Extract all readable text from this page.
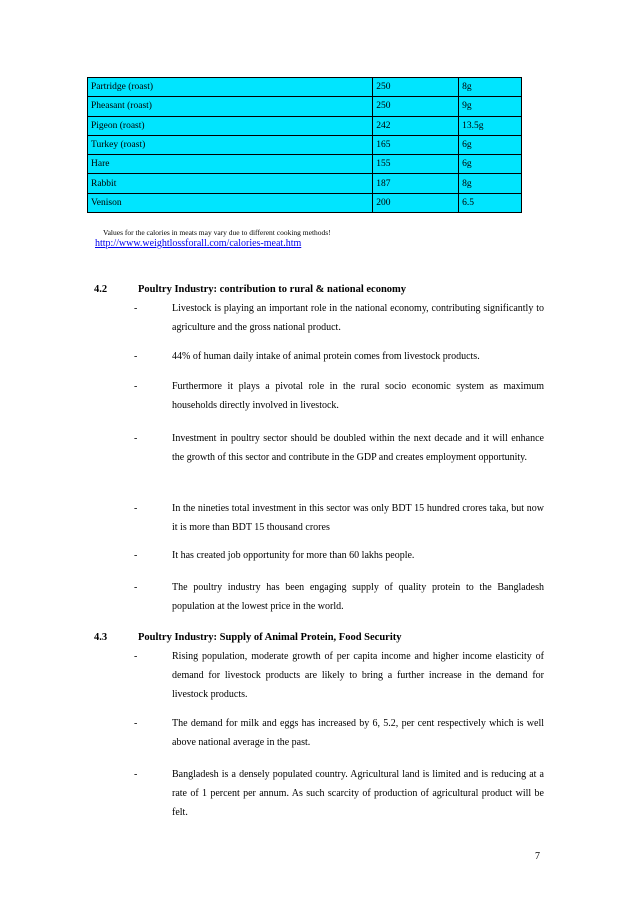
Partridge (roast)	250	8g
Pheasant (roast)	250	9g
Pigeon (roast)	242	13.5g
Turkey (roast)	165	6g
Hare	155	6g
Rabbit	187	8g
Venison	200	6.5
Values for the calories in meats may vary due to different cooking methods!
http://www.weightlossforall.com/calories-meat.htm
4.2	Poultry Industry: contribution to rural & national economy
-	Livestock is playing an important role in the national economy, contributing significantly to agriculture and the gross national product.
-	44% of human daily intake of animal protein comes from livestock products.
-	Furthermore it plays a pivotal role in the rural socio economic system as maximum households directly involved in livestock.
-	Investment in poultry sector should be doubled within the next decade and it will enhance the growth of this sector and contribute in the GDP and creates employment opportunity.
-	In the nineties total investment in this sector was only BDT 15 hundred crores taka, but now it is more than BDT 15 thousand crores
-	It has created job opportunity for more than 60 lakhs people.
-	The poultry industry has been engaging supply of quality protein to the Bangladesh population at the lowest price in the world.
4.3	Poultry Industry: Supply of Animal Protein, Food Security
-	Rising population, moderate growth of per capita income and higher income elasticity of demand for livestock products are likely to bring a further increase in the demand for livestock products.
-	The demand for milk and eggs has increased by 6, 5.2, per cent respectively which is well above national average in the past.
-	Bangladesh is a densely populated country. Agricultural land is limited and is reducing at a rate of 1 percent per annum. As such scarcity of production of agricultural product will be felt.
7
